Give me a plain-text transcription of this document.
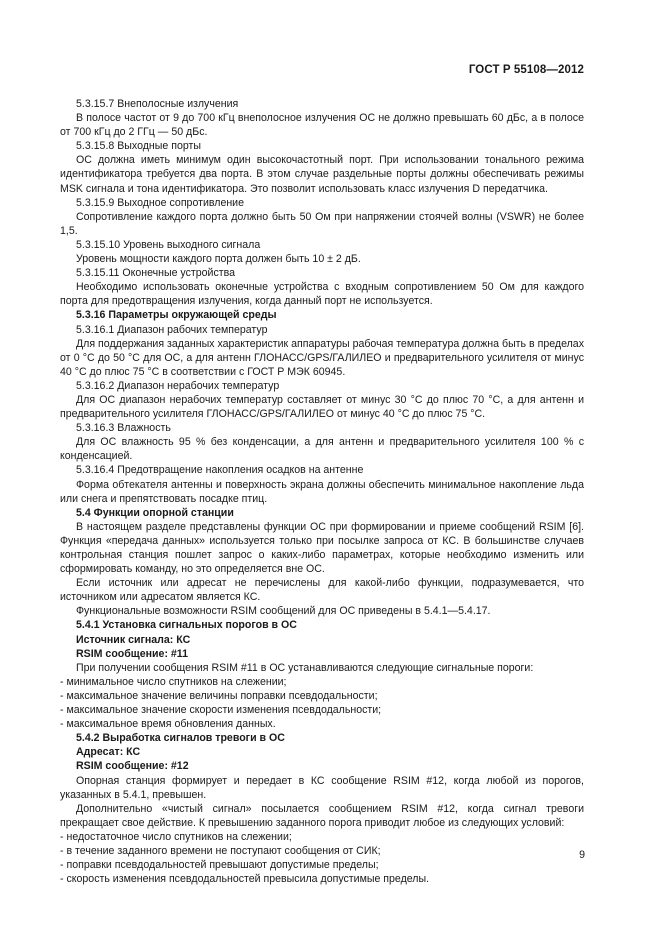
ГОСТ Р 55108—2012

5.3.15.7 Внеполосные излучения

В полосе частот от 9 до 700 кГц внеполосное излучения ОС не должно превышать 60 дБс, а в полосе от 700 кГц до 2 ГГц — 50 дБс.

5.3.15.8 Выходные порты

ОС должна иметь минимум один высокочастотный порт. При использовании тонального режима идентификатора требуется два порта. В этом случае раздельные порты должны обеспечивать режимы MSK сигнала и тона идентификатора. Это позволит использовать класс излучения D передатчика.

5.3.15.9 Выходное сопротивление

Сопротивление каждого порта должно быть 50 Ом при напряжении стоячей волны (VSWR) не более 1,5.

5.3.15.10 Уровень выходного сигнала

Уровень мощности каждого порта должен быть 10 ± 2 дБ.

5.3.15.11 Оконечные устройства

Необходимо использовать оконечные устройства с входным сопротивлением 50 Ом для каждого порта для предотвращения излучения, когда данный порт не используется.

5.3.16 Параметры окружающей среды

5.3.16.1 Диапазон рабочих температур

Для поддержания заданных характеристик аппаратуры рабочая температура должна быть в пределах от 0 °С до 50 °С для ОС, а для антенн ГЛОНАСС/GPS/ГАЛИЛЕО и предварительного усилителя от минус 40 °С до плюс 75 °С в соответствии с ГОСТ Р МЭК 60945.

5.3.16.2 Диапазон нерабочих температур

Для ОС диапазон нерабочих температур составляет от минус 30 °С до плюс 70 °С, а для антенн и предварительного усилителя ГЛОНАСС/GPS/ГАЛИЛЕО от минус 40 °С до плюс 75 °С.

5.3.16.3 Влажность

Для ОС влажность 95 % без конденсации, а для антенн и предварительного усилителя 100 % с конденсацией.

5.3.16.4 Предотвращение накопления осадков на антенне

Форма обтекателя антенны и поверхность экрана должны обеспечить минимальное накопление льда или снега и препятствовать посадке птиц.

5.4 Функции опорной станции

В настоящем разделе представлены функции ОС при формировании и приеме сообщений RSIM [6]. Функция «передача данных» используется только при посылке запроса от КС. В большинстве случаев контрольная станция пошлет запрос о каких-либо параметрах, которые необходимо изменить или сформировать команду, но это определяется вне ОС.

Если источник или адресат не перечислены для какой-либо функции, подразумевается, что источником или адресатом является КС.

Функциональные возможности RSIM сообщений для ОС приведены в 5.4.1—5.4.17.

5.4.1 Установка сигнальных порогов в ОС

Источник сигнала: КС

RSIM сообщение: #11

При получении сообщения RSIM #11 в ОС устанавливаются следующие сигнальные пороги:

- минимальное число спутников на слежении;

- максимальное значение величины поправки псевдодальности;

- максимальное значение скорости изменения псевдодальности;

- максимальное время обновления данных.

5.4.2 Выработка сигналов тревоги в ОС

Адресат: КС

RSIM сообщение: #12

Опорная станция формирует и передает в КС сообщение RSIM #12, когда любой из порогов, указанных в 5.4.1, превышен.

Дополнительно «чистый сигнал» посылается сообщением RSIM #12, когда сигнал тревоги прекращает свое действие. К превышению заданного порога приводит любое из следующих условий:

- недостаточное число спутников на слежении;

- в течение заданного времени не поступают сообщения от СИК;

- поправки псевдодальностей превышают допустимые пределы;

- скорость изменения псевдодальностей превысила допустимые пределы.

9
